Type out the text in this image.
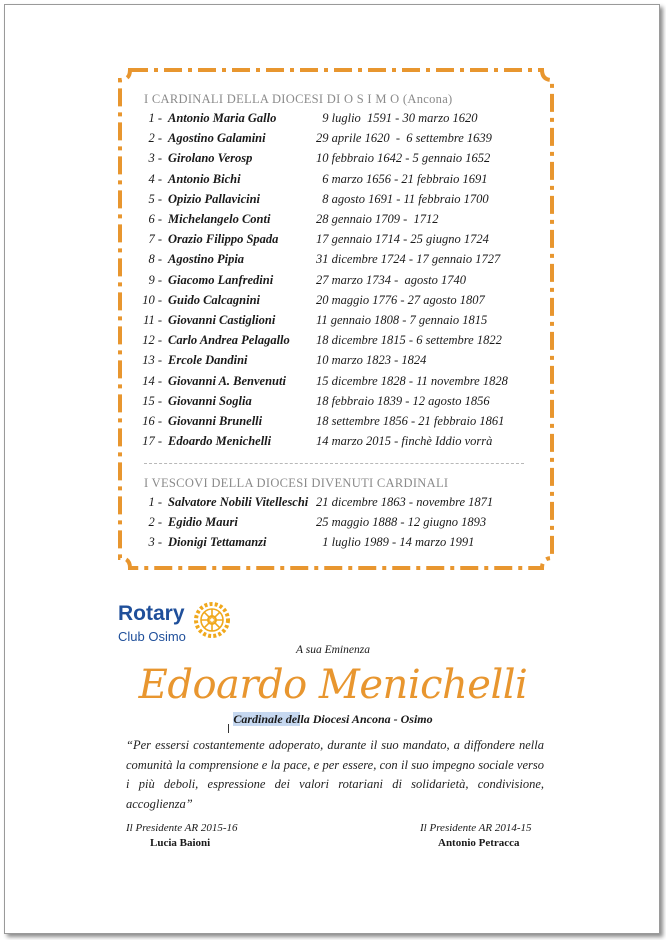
I CARDINALI DELLA DIOCESI DI O S I M O (Ancona)
1 - Antonio Maria Gallo	9 luglio  1591 - 30 marzo 1620
2 - Agostino Galamini	29 aprile 1620  -  6 settembre 1639
3 - Girolano Verosp	10 febbraio 1642 - 5 gennaio 1652
4 - Antonio Bichi	6 marzo 1656 - 21 febbraio 1691
5 - Opizio Pallavicini	8 agosto 1691 - 11 febbraio 1700
6 - Michelangelo Conti	28 gennaio 1709 -  1712
7 - Orazio Filippo Spada	17 gennaio 1714 - 25 giugno 1724
8 - Agostino Pipia	31 dicembre 1724 - 17 gennaio 1727
9 - Giacomo Lanfredini	27 marzo 1734 -  agosto 1740
10 - Guido Calcagnini	20 maggio 1776 - 27 agosto 1807
11 - Giovanni Castiglioni	11 gennaio 1808 - 7 gennaio 1815
12 - Carlo Andrea Pelagallo 18 dicembre 1815 - 6 settembre 1822
13 - Ercole Dandini	10 marzo 1823 - 1824
14 - Giovanni A. Benvenuti 15 dicembre 1828 - 11 novembre 1828
15 - Giovanni Soglia	18 febbraio 1839 - 12 agosto 1856
16 - Giovanni Brunelli	18 settembre 1856 - 21 febbraio 1861
17 - Edoardo Menichelli	14 marzo 2015 - finchè Iddio vorrà
I VESCOVI DELLA DIOCESI DIVENUTI CARDINALI
1 - Salvatore Nobili Vitelleschi 21 dicembre 1863 - novembre 1871
2 - Egidio Mauri	25 maggio 1888 - 12 giugno 1893
3 - Dionigi Tettamanzi	1 luglio 1989 - 14 marzo 1991
Rotary
Club Osimo
A sua Eminenza
Edoardo Menichelli
Cardinale della Diocesi Ancona - Osimo
“Per essersi costantemente adoperato, durante il suo mandato, a diffondere nella comunità la comprensione e la pace, e per essere, con il suo impegno sociale verso i più deboli, espressione dei valori rotariani di solidarietà, condivisione, accoglienza”
Il Presidente AR 2015-16
Lucia Baioni
Il Presidente AR 2014-15
Antonio Petracca
